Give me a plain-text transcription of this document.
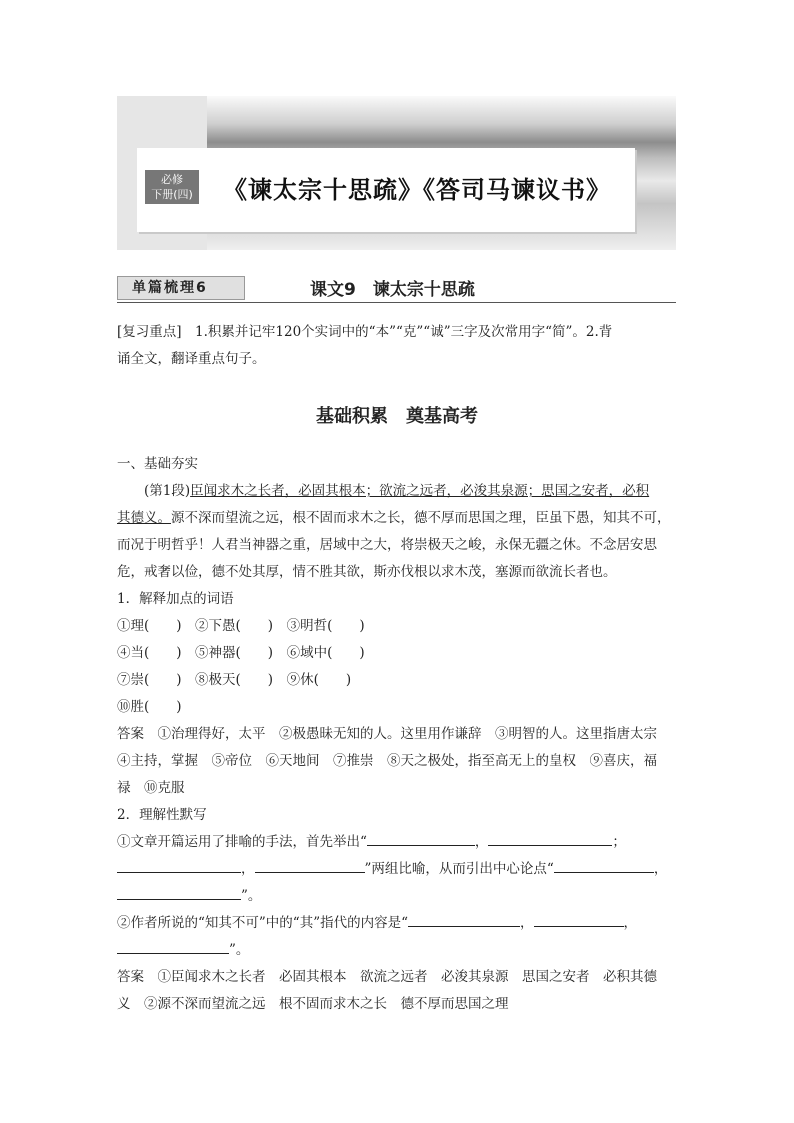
必修
下册(四) 《谏太宗十思疏》《答司马谏议书》
单篇梳理6	课文9　谏太宗十思疏
[复习重点]　1.积累并记牢120个实词中的“本”“克”“诚”三字及次常用字“简”。2.背
诵全文，翻译重点句子。
基础积累　奠基高考
一、基础夯实
(第1段)臣闻求木之长者，必固其根本；欲流之远者，必浚其泉源；思国之安者，必积
其德义。源不深而望流之远，根不固而求木之长，德不厚而思国之理，臣虽下愚，知其不可，
而况于明哲乎！人君当神器之重，居域中之大，将崇极天之峻，永保无疆之休。不念居安思
危，戒奢以俭，德不处其厚，情不胜其欲，斯亦伐根以求木茂，塞源而欲流长者也。
1．解释加点的词语
①理(　　)　②下愚(　　)　③明哲(　　)
④当(　　)　⑤神器(　　)　⑥域中(　　)
⑦崇(　　)　⑧极天(　　)　⑨休(　　)
⑩胜(　　)
答案　①治理得好，太平　②极愚昧无知的人。这里用作谦辞　③明智的人。这里指唐太宗
④主持，掌握　⑤帝位　⑥天地间　⑦推崇　⑧天之极处，指至高无上的皇权　⑨喜庆，福
禄　⑩克服
2．理解性默写
①文章开篇运用了排喻的手法，首先举出“	，	；
，	”两组比喻，从而引出中心论点“	，
”。
②作者所说的“知其不可”中的“其”指代的内容是“	，	，
”。
答案　①臣闻求木之长者　必固其根本　欲流之远者　必浚其泉源　思国之安者　必积其德
义　②源不深而望流之远　根不固而求木之长　德不厚而思国之理
